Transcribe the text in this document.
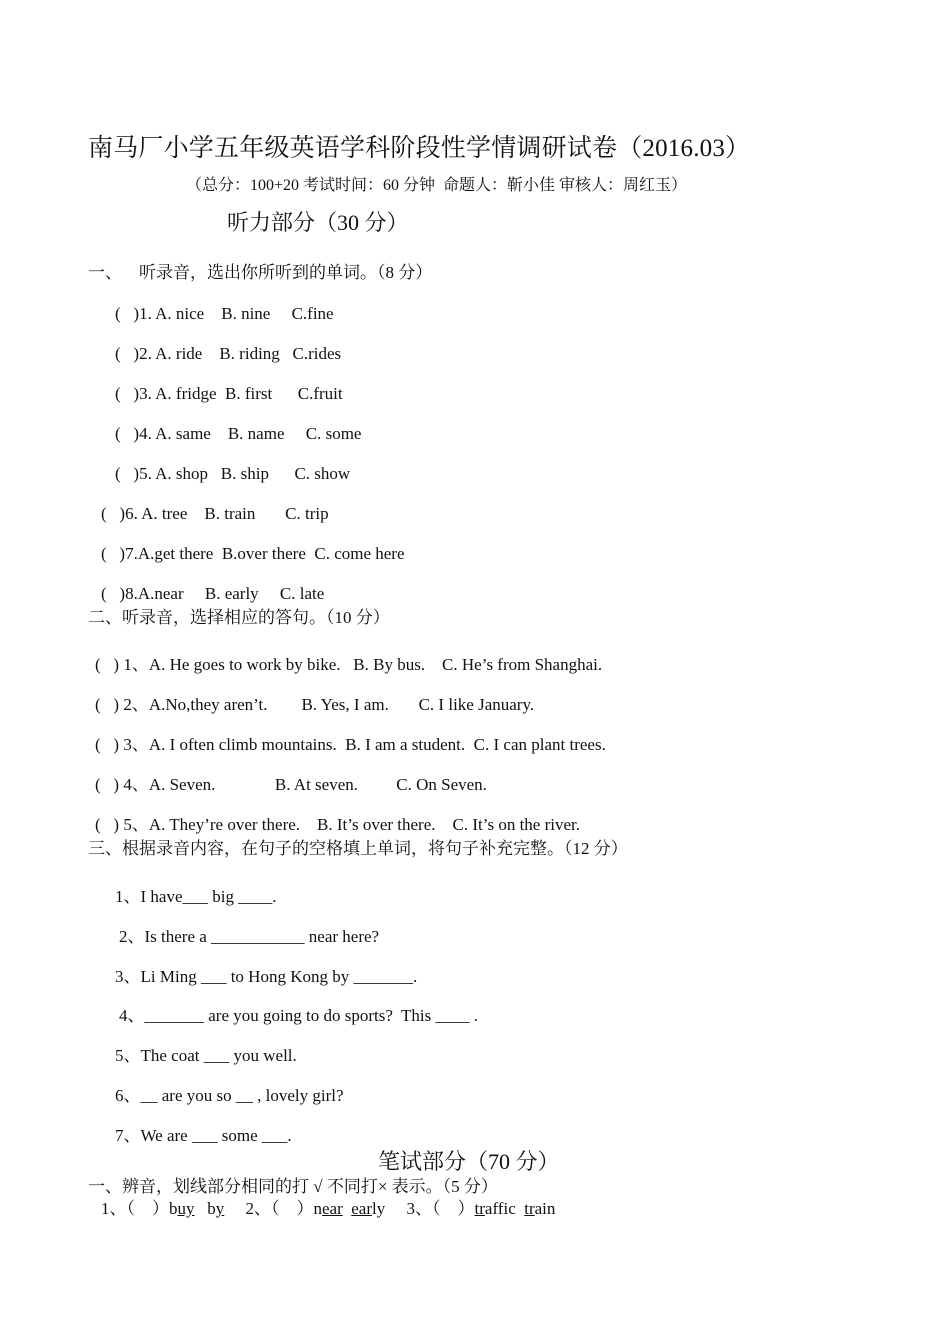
南马厂小学五年级英语学科阶段性学情调研试卷（2016.03）
（总分：100+20 考试时间：60 分钟  命题人：靳小佳 审核人：周红玉）
听力部分（30 分）
一、    听录音，选出你所听到的单词。（8 分）
(   )1. A. nice    B. nine     C.fine
(   )2. A. ride    B. riding   C.rides
(   )3. A. fridge  B. first      C.fruit
(   )4. A. same    B. name     C. some
(   )5. A. shop   B. ship      C. show
(   )6. A. tree    B. train       C. trip
(   )7.A.get there  B.over there  C. come here
(   )8.A.near     B. early     C. late
二、听录音，选择相应的答句。（10 分）
(   ) 1、A. He goes to work by bike.   B. By bus.    C. He’s from Shanghai.
(   ) 2、A.No,they aren’t.        B. Yes, I am.       C. I like January.
(   ) 3、A. I often climb mountains.  B. I am a student.  C. I can plant trees.
(   ) 4、A. Seven.              B. At seven.         C. On Seven.
(   ) 5、A. They’re over there.    B. It’s over there.    C. It’s on the river.
三、根据录音内容，在句子的空格填上单词，将句子补充完整。（12 分）
1、I have___ big ____.
2、Is there a ___________ near here?
3、Li Ming ___ to Hong Kong by _______.
4、_______ are you going to do sports?  This ____ .
5、The coat ___ you well.
6、__ are you so __ , lovely girl?
7、We are ___ some ___.
笔试部分（70 分）
一、辨音，划线部分相同的打 √ 不同打× 表示。（5 分）
1、（    ）buy by 2、（    ）near early 3、（    ）traffic train
